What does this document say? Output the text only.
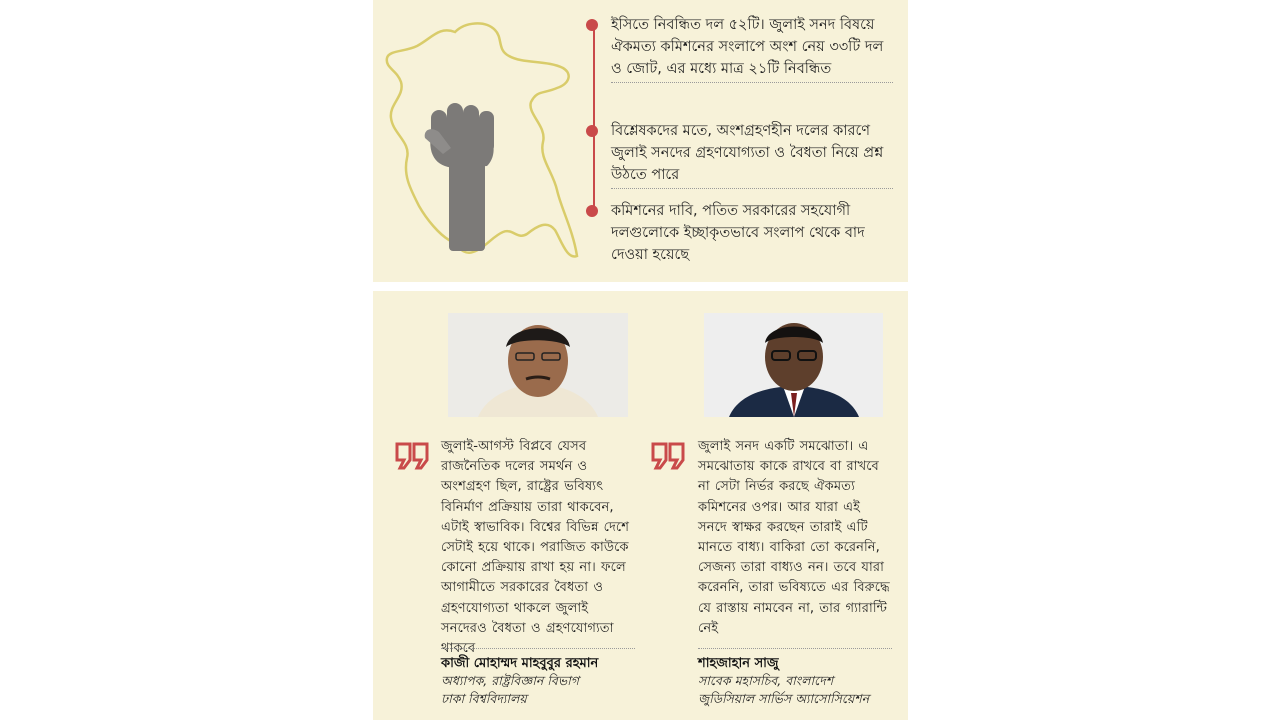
ইসিতে নিবন্ধিত দল ৫২টি। জুলাই সনদ বিষয়ে ঐকমত্য কমিশনের সংলাপে অংশ নেয় ৩৩টি দল ও জোট, এর মধ্যে মাত্র ২১টি নিবন্ধিত
বিশ্লেষকদের মতে, অংশগ্রহণহীন দলের কারণে জুলাই সনদের গ্রহণযোগ্যতা ও বৈধতা নিয়ে প্রশ্ন উঠতে পারে
কমিশনের দাবি, পতিত সরকারের সহযোগী দলগুলোকে ইচ্ছাকৃতভাবে সংলাপ থেকে বাদ দেওয়া হয়েছে
জুলাই-আগস্ট বিপ্লবে যেসব রাজনৈতিক দলের সমর্থন ও অংশগ্রহণ ছিল, রাষ্ট্রের ভবিষ্যৎ বিনির্মাণ প্রক্রিয়ায় তারা থাকবেন, এটাই স্বাভাবিক। বিশ্বের বিভিন্ন দেশে সেটাই হয়ে থাকে। পরাজিত কাউকে কোনো প্রক্রিয়ায় রাখা হয় না। ফলে আগামীতে সরকারের বৈধতা ও গ্রহণযোগ্যতা থাকলে জুলাই সনদেরও বৈধতা ও গ্রহণযোগ্যতা থাকবে
কাজী মোহাম্মদ মাহবুবুর রহমান
অধ্যাপক, রাষ্ট্রবিজ্ঞান বিভাগ
ঢাকা বিশ্ববিদ্যালয়
জুলাই সনদ একটি সমঝোতা। এ সমঝোতায় কাকে রাখবে বা রাখবে না সেটা নির্ভর করছে ঐকমত্য কমিশনের ওপর। আর যারা এই সনদে স্বাক্ষর করছেন তারাই এটি মানতে বাধ্য। বাকিরা তো করেননি, সেজন্য তারা বাধ্যও নন। তবে যারা করেননি, তারা ভবিষ্যতে এর বিরুদ্ধে যে রাস্তায় নামবেন না, তার গ্যারান্টি নেই
শাহজাহান সাজু
সাবেক মহাসচিব, বাংলাদেশ
জুডিসিয়াল সার্ভিস অ্যাসোসিয়েশন
